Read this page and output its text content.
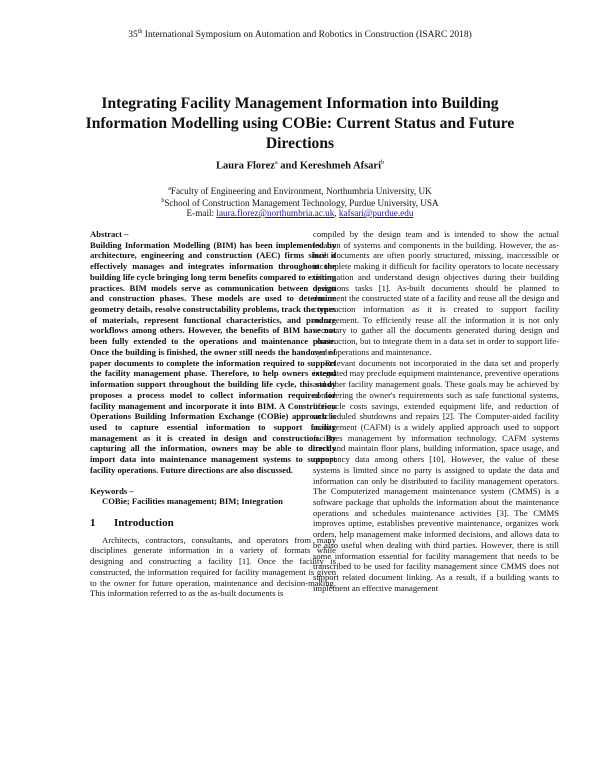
35th International Symposium on Automation and Robotics in Construction (ISARC 2018)
Integrating Facility Management Information into Building Information Modelling using COBie: Current Status and Future Directions
Laura Florez$^a$ and Kereshmeh Afsari$^b$
$^a$Faculty of Engineering and Environment, Northumbria University, UK
$^b$School of Construction Management Technology, Purdue University, USA
E-mail: laura.florez@northumbria.ac.uk, kafsari@purdue.edu

Abstract –

Building Information Modelling (BIM) has been implemented by architecture, engineering and construction (AEC) firms since it effectively manages and integrates information throughout the building life cycle bringing long term benefits compared to existing practices. BIM models serve as communication between design and construction phases. These models are used to determine geometry details, resolve constructability problems, track the types of materials, represent functional characteristics, and produce workflows among others. However, the benefits of BIM have not been fully extended to the operations and maintenance phase. Once the building is finished, the owner still needs the handover of paper documents to complete the information required to support the facility management phase. Therefore, to help owners extend information support throughout the building life cycle, this study proposes a process model to collect information required for facility management and incorporate it into BIM. A Construction Operations Building Information Exchange (COBie) approach is used to capture essential information to support facility management as it is created in design and construction. By capturing all the information, owners may be able to directly import data into maintenance management systems to support facility operations. Future directions are also discussed.

Keywords –

COBie; Facilities management; BIM; Integration

1 Introduction

Architects, contractors, consultants, and operators from many disciplines generate information in a variety of formats while designing and constructing a facility [1]. Once the facility is constructed, the information required for facility management is given to the owner for future operation, maintenance and decision-making. This information referred to as the as-built documents is

compiled by the design team and is intended to show the actual location of systems and components in the building. However, the as-built documents are often poorly structured, missing, inaccessible or incomplete making it difficult for facility operators to locate necessary information and understand design objectives during their building operations tasks [1]. As-built documents should be planned to document the constructed state of a facility and reuse all the design and construction information as it is created to support facility management. To efficiently reuse all the information it is not only necessary to gather all the documents generated during design and construction, but to integrate them in a data set in order to support life-cycle operations and maintenance.

Relevant documents not incorporated in the data set and properly integrated may preclude equipment maintenance, preventive operations and other facility management goals. These goals may be achieved by considering the owner's requirements such as safe functional systems, life-cycle costs savings, extended equipment life, and reduction of unscheduled shutdowns and repairs [2]. The Computer-aided facility management (CAFM) is a widely applied approach used to support facilities management by information technology. CAFM systems track and maintain floor plans, building information, space usage, and occupancy data among others [10]. However, the value of these systems is limited since no party is assigned to update the data and information can only be distributed to facility management operators. The Computerized management maintenance system (CMMS) is a software package that upholds the information about the maintenance operations and schedules maintenance activities [3]. The CMMS improves uptime, establishes preventive maintenance, organizes work orders, help management make informed decisions, and allows data to be also useful when dealing with third parties. However, there is still some information essential for facility management that needs to be transcribed to be used for facility management since CMMS does not support related document linking. As a result, if a building wants to implement an effective management
